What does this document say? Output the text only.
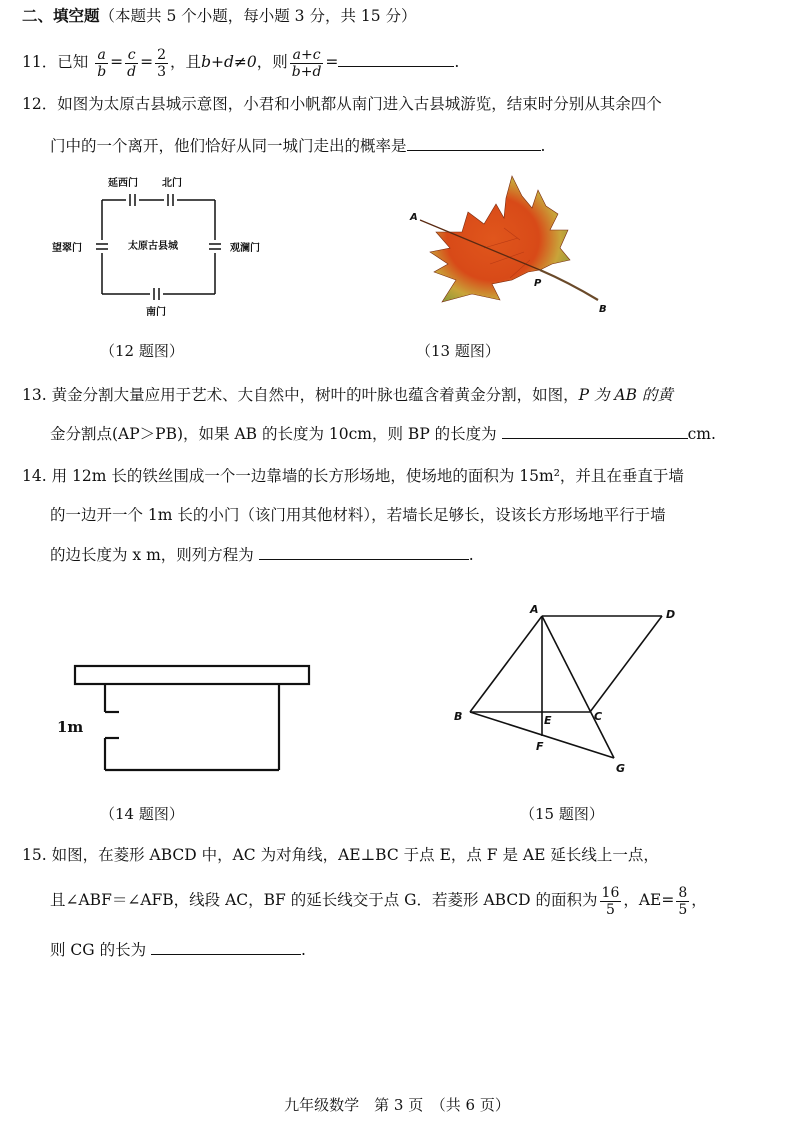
二、填空题（本题共 5 个小题，每小题 3 分，共 15 分）
11．已知 $\frac{a}{b} = \frac{c}{d} = \frac{2}{3}$ ，且b+d≠0，则 $\frac{a+c}{b+d}$ =	.
12．如图为太原古县城示意图，小君和小帆都从南门进入古县城游览，结束时分别从其余四个
门中的一个离开，他们恰好从同一城门走出的概率是	.
延西门 北门
望翠门	观澜门
南门
太原古县城
（12 题图）
A
P
B
（13 题图）
13. 黄金分割大量应用于艺术、大自然中，树叶的叶脉也蕴含着黄金分割，如图，P 为 AB 的黄
金分割点(AP＞PB)，如果 AB 的长度为 10cm，则 BP 的长度为	cm.
14. 用 12m 长的铁丝围成一个一边靠墙的长方形场地，使场地的面积为 15m²，并且在垂直于墙
的一边开一个 1m 长的小门（该门用其他材料），若墙长足够长，设该长方形场地平行于墙
的边长度为 x m，则列方程为	.
1m
（14 题图）
A	D
B	E	C
F
G
（15 题图）
15. 如图，在菱形 ABCD 中，AC 为对角线，AE⊥BC 于点 E，点 F 是 AE 延长线上一点，
且∠ABF＝∠AFB，线段 AC，BF 的延长线交于点 G．若菱形 ABCD 的面积为 $\frac{16}{5}$ ，$AE= \frac{8}{5}$ ，
则 CG 的长为	.
九年级数学　第 3 页　（共 6 页）
